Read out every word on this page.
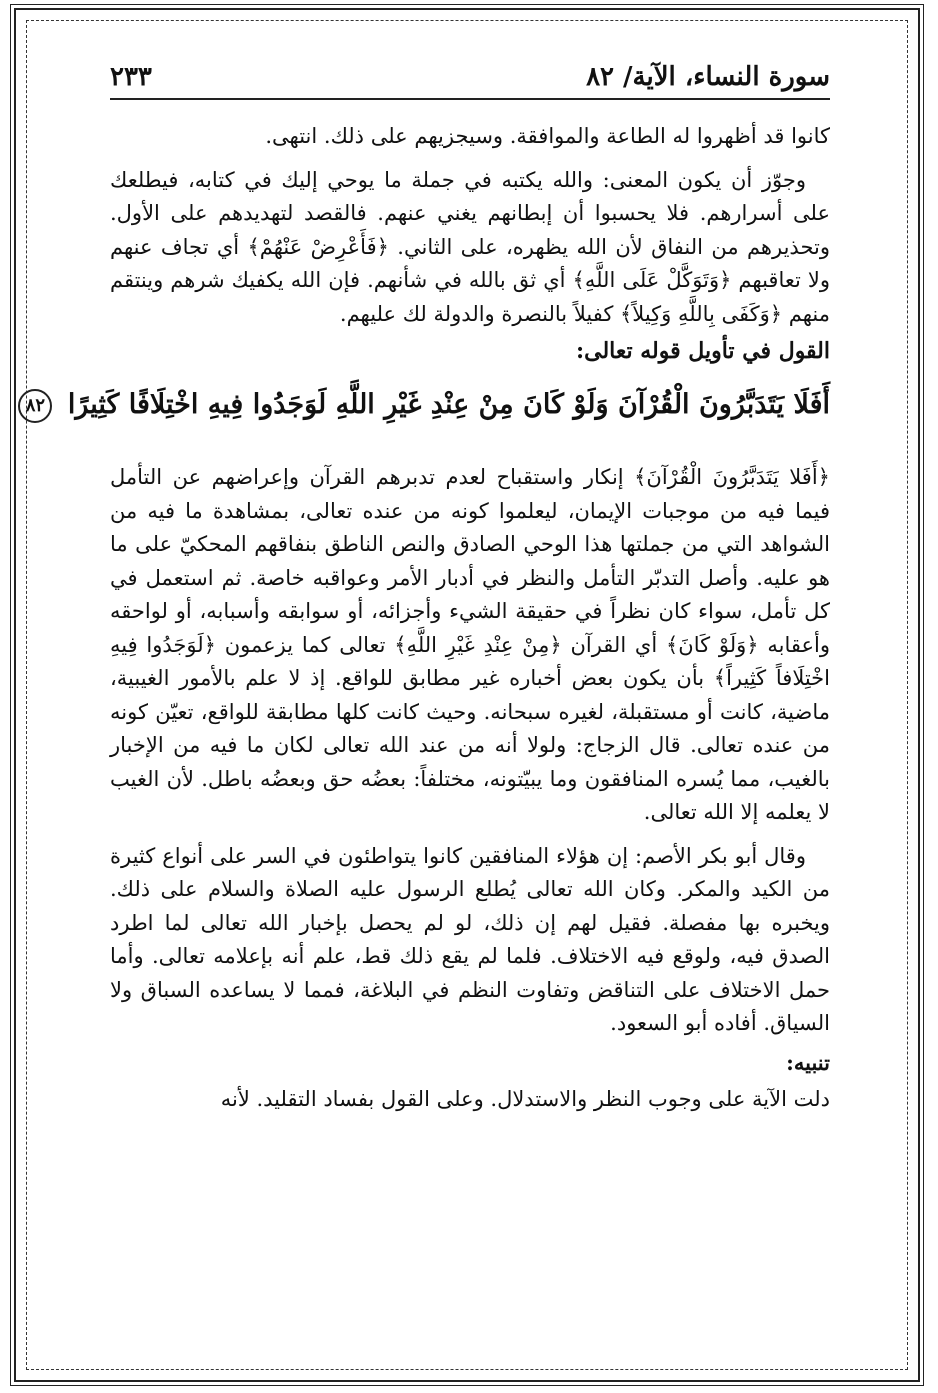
سورة النساء، الآية/ ٨٢
٢٣٣

كانوا قد أظهروا له الطاعة والموافقة. وسيجزيهم على ذلك. انتهى.

وجوّز أن يكون المعنى: والله يكتبه في جملة ما يوحي إليك في كتابه، فيطلعك على أسرارهم. فلا يحسبوا أن إبطانهم يغني عنهم. فالقصد لتهديدهم على الأول. وتحذيرهم من النفاق لأن الله يظهره، على الثاني. ﴿فَأَعْرِضْ عَنْهُمْ﴾ أي تجاف عنهم ولا تعاقبهم ﴿وَتَوَكَّلْ عَلَى اللَّهِ﴾ أي ثق بالله في شأنهم. فإن الله يكفيك شرهم وينتقم منهم ﴿وَكَفَى بِاللَّهِ وَكِيلاً﴾ كفيلاً بالنصرة والدولة لك عليهم.

القول في تأويل قوله تعالى:
أَفَلَا يَتَدَبَّرُونَ الْقُرْآنَ وَلَوْ كَانَ مِنْ عِنْدِ غَيْرِ اللَّهِ لَوَجَدُوا فِيهِ اخْتِلَافًا كَثِيرًا ٨٢

﴿أَفَلا يَتَدَبَّرُونَ الْقُرْآنَ﴾ إنكار واستقباح لعدم تدبرهم القرآن وإعراضهم عن التأمل فيما فيه من موجبات الإيمان، ليعلموا كونه من عنده تعالى، بمشاهدة ما فيه من الشواهد التي من جملتها هذا الوحي الصادق والنص الناطق بنفاقهم المحكيّ على ما هو عليه. وأصل التدبّر التأمل والنظر في أدبار الأمر وعواقبه خاصة. ثم استعمل في كل تأمل، سواء كان نظراً في حقيقة الشيء وأجزائه، أو سوابقه وأسبابه، أو لواحقه وأعقابه ﴿وَلَوْ كَانَ﴾ أي القرآن ﴿مِنْ عِنْدِ غَيْرِ اللَّهِ﴾ تعالى كما يزعمون ﴿لَوَجَدُوا فِيهِ اخْتِلَافاً كَثِيراً﴾ بأن يكون بعض أخباره غير مطابق للواقع. إذ لا علم بالأمور الغيبية، ماضية، كانت أو مستقبلة، لغيره سبحانه. وحيث كانت كلها مطابقة للواقع، تعيّن كونه من عنده تعالى. قال الزجاج: ولولا أنه من عند الله تعالى لكان ما فيه من الإخبار بالغيب، مما يُسره المنافقون وما يبيّتونه، مختلفاً: بعضُه حق وبعضُه باطل. لأن الغيب لا يعلمه إلا الله تعالى.

وقال أبو بكر الأصم: إن هؤلاء المنافقين كانوا يتواطئون في السر على أنواع كثيرة من الكيد والمكر. وكان الله تعالى يُطلع الرسول عليه الصلاة والسلام على ذلك. ويخبره بها مفصلة. فقيل لهم إن ذلك، لو لم يحصل بإخبار الله تعالى لما اطرد الصدق فيه، ولوقع فيه الاختلاف. فلما لم يقع ذلك قط، علم أنه بإعلامه تعالى. وأما حمل الاختلاف على التناقض وتفاوت النظم في البلاغة، فمما لا يساعده السباق ولا السياق. أفاده أبو السعود.

تنبيه:

دلت الآية على وجوب النظر والاستدلال. وعلى القول بفساد التقليد. لأنه
